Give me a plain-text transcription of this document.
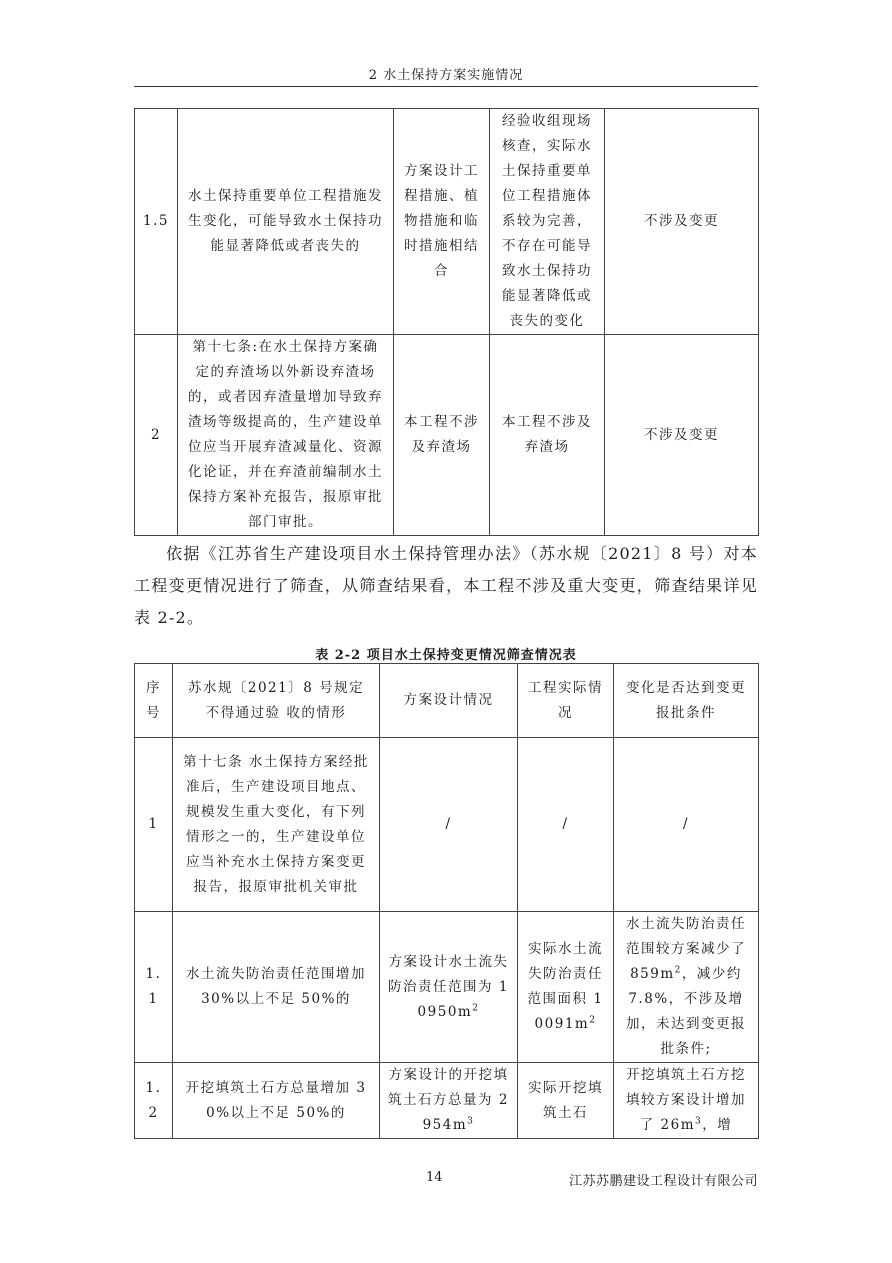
2 水土保持方案实施情况
1.5	水土保持重要单位工程措施发生变化，可能导致水土保持功能显著降低或者丧失的	方案设计工程措施、植物措施和临时措施相结合	经验收组现场核查，实际水土保持重要单位工程措施体系较为完善，不存在可能导致水土保持功能显著降低或丧失的变化	不涉及变更
2	第十七条:在水土保持方案确定的弃渣场以外新设弃渣场的，或者因弃渣量增加导致弃渣场等级提高的，生产建设单位应当开展弃渣减量化、资源化论证，并在弃渣前编制水土保持方案补充报告，报原审批部门审批。	本工程不涉及弃渣场	本工程不涉及弃渣场	不涉及变更
依据《江苏省生产建设项目水土保持管理办法》（苏水规〔2021〕8 号）对本工程变更情况进行了筛查，从筛查结果看，本工程不涉及重大变更，筛查结果详见表 2-2。
表 2-2 项目水土保持变更情况筛查情况表
序号	苏水规〔2021〕8 号规定不得通过验 收的情形	方案设计情况	工程实际情况	变化是否达到变更报批条件
1	第十七条 水土保持方案经批准后，生产建设项目地点、规模发生重大变化，有下列情形之一的，生产建设单位应当补充水土保持方案变更报告，报原审批机关审批	/	/	/
1.1	水土流失防治责任范围增加 30%以上不足 50%的	方案设计水土流失防治责任范围为 $10950m^2$	实际水土流失防治责任范围面积 $10091m^2$	水土流失防治责任范围较方案减少了 $859m^2$，减少约 7.8%，不涉及增加，未达到变更报批条件;
1.2	开挖填筑土石方总量增加 30%以上不足 50%的	方案设计的开挖填筑土石方总量为 $2954m^3$	实际开挖填筑土石	开挖填筑土石方挖填较方案设计增加了 $26m^3$，增
14	江苏苏鹏建设工程设计有限公司
